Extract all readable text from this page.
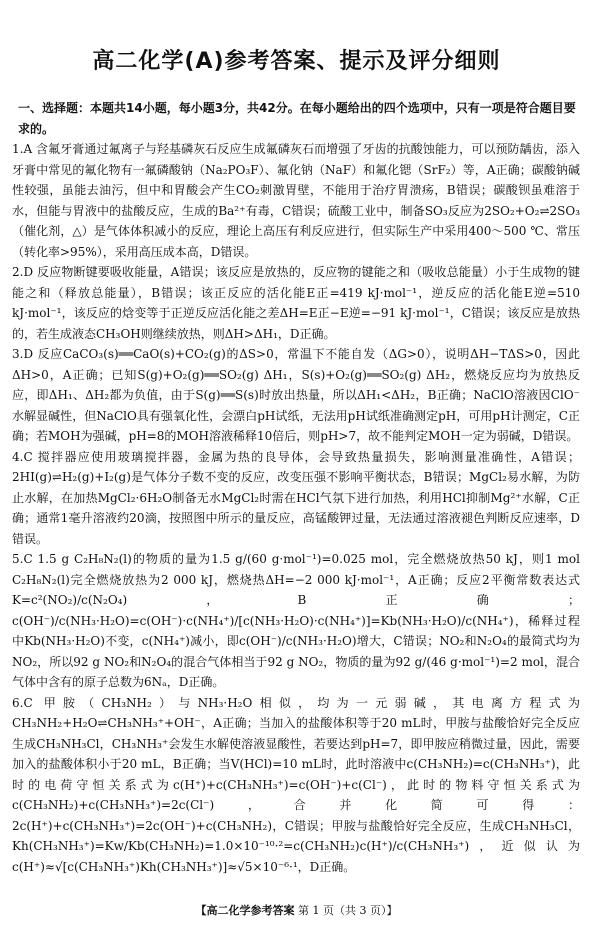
高二化学(A)参考答案、提示及评分细则
一、选择题：本题共14小题，每小题3分，共42分。在每小题给出的四个选项中，只有一项是符合题目要求的。
1.A 含氟牙膏通过氟离子与羟基磷灰石反应生成氟磷灰石而增强了牙齿的抗酸蚀能力，可以预防龋齿，添入牙膏中常见的氟化物有一氟磷酸钠（Na₂PO₃F）、氟化钠（NaF）和氟化锶（SrF₂）等，A正确；碳酸钠碱性较强，虽能去油污，但中和胃酸会产生CO₂刺激胃壁，不能用于治疗胃溃疡，B错误；碳酸钡虽难溶于水，但能与胃液中的盐酸反应，生成的Ba²⁺有毒，C错误；硫酸工业中，制备SO₃反应为2SO₂+O₂⇌2SO₃（催化剂，△）是气体体积减小的反应，理论上高压有利反应进行，但实际生产中采用400～500 ℃、常压（转化率>95%），采用高压成本高，D错误。
2.D 反应物断键要吸收能量，A错误；该反应是放热的，反应物的键能之和（吸收总能量）小于生成物的键能之和（释放总能量），B错误；该正反应的活化能E正=419 kJ·mol⁻¹，逆反应的活化能E逆=510 kJ·mol⁻¹，该反应的焓变等于正逆反应活化能之差ΔH=E正−E逆=−91 kJ·mol⁻¹，C错误；该反应是放热的，若生成液态CH₃OH则继续放热，则ΔH>ΔH₁，D正确。
3.D 反应CaCO₃(s)══CaO(s)+CO₂(g)的ΔS>0，常温下不能自发（ΔG>0），说明ΔH−TΔS>0，因此ΔH>0，A正确；已知S(g)+O₂(g)══SO₂(g) ΔH₁，S(s)+O₂(g)══SO₂(g) ΔH₂，燃烧反应均为放热反应，即ΔH₁、ΔH₂都为负值，由于S(g)══S(s)时放出热量，所以ΔH₁<ΔH₂，B正确；NaClO溶液因ClO⁻水解显碱性，但NaClO具有强氧化性，会漂白pH试纸，无法用pH试纸准确测定pH，可用pH计测定，C正确；若MOH为强碱，pH=8的MOH溶液稀释10倍后，则pH>7，故不能判定MOH一定为弱碱，D错误。
4.C 搅拌器应使用玻璃搅拌器，金属为热的良导体，会导致热量损失，影响测量准确性，A错误；2HI(g)⇌H₂(g)+I₂(g)是气体分子数不变的反应，改变压强不影响平衡状态，B错误；MgCl₂易水解，为防止水解，在加热MgCl₂·6H₂O制备无水MgCl₂时需在HCl气氛下进行加热，利用HCl抑制Mg²⁺水解，C正确；通常1毫升溶液约20滴，按照图中所示的量反应，高锰酸钾过量，无法通过溶液褪色判断反应速率，D错误。
5.C 1.5 g C₂H₈N₂(l)的物质的量为1.5 g/(60 g·mol⁻¹)=0.025 mol，完全燃烧放热50 kJ，则1 mol C₂H₈N₂(l)完全燃烧放热为2 000 kJ，燃烧热ΔH=−2 000 kJ·mol⁻¹，A正确；反应2平衡常数表达式K=c²(NO₂)/c(N₂O₄)，B正确；c(OH⁻)/c(NH₃·H₂O)=c(OH⁻)·c(NH₄⁺)/[c(NH₃·H₂O)·c(NH₄⁺)]=Kb(NH₃·H₂O)/c(NH₄⁺)，稀释过程中Kb(NH₃·H₂O)不变，c(NH₄⁺)减小，即c(OH⁻)/c(NH₃·H₂O)增大，C错误；NO₂和N₂O₄的最简式均为NO₂，所以92 g NO₂和N₂O₄的混合气体相当于92 g NO₂，物质的量为92 g/(46 g·mol⁻¹)=2 mol，混合气体中含有的原子总数为6Nₐ，D正确。
6.C 甲胺（CH₃NH₂）与NH₃·H₂O相似，均为一元弱碱，其电离方程式为CH₃NH₂+H₂O⇌CH₃NH₃⁺+OH⁻，A正确；当加入的盐酸体积等于20 mL时，甲胺与盐酸恰好完全反应生成CH₃NH₃Cl，CH₃NH₃⁺会发生水解使溶液显酸性，若要达到pH=7，即甲胺应稍微过量，因此，需要加入的盐酸体积小于20 mL，B正确；当V(HCl)=10 mL时，此时溶液中c(CH₃NH₂)=c(CH₃NH₃⁺)，此时的电荷守恒关系式为c(H⁺)+c(CH₃NH₃⁺)=c(OH⁻)+c(Cl⁻)，此时的物料守恒关系式为c(CH₃NH₂)+c(CH₃NH₃⁺)=2c(Cl⁻)，合并化简可得：2c(H⁺)+c(CH₃NH₃⁺)=2c(OH⁻)+c(CH₃NH₂)，C错误；甲胺与盐酸恰好完全反应，生成CH₃NH₃Cl，Kh(CH₃NH₃⁺)=Kw/Kb(CH₃NH₂)=1.0×10⁻¹⁰·²=c(CH₃NH₂)c(H⁺)/c(CH₃NH₃⁺)，近似认为c(H⁺)≈√[c(CH₃NH₃⁺)Kh(CH₃NH₃⁺)]≈√5×10⁻⁶·¹，D正确。
【高二化学参考答案 第 1 页（共 3 页）】
